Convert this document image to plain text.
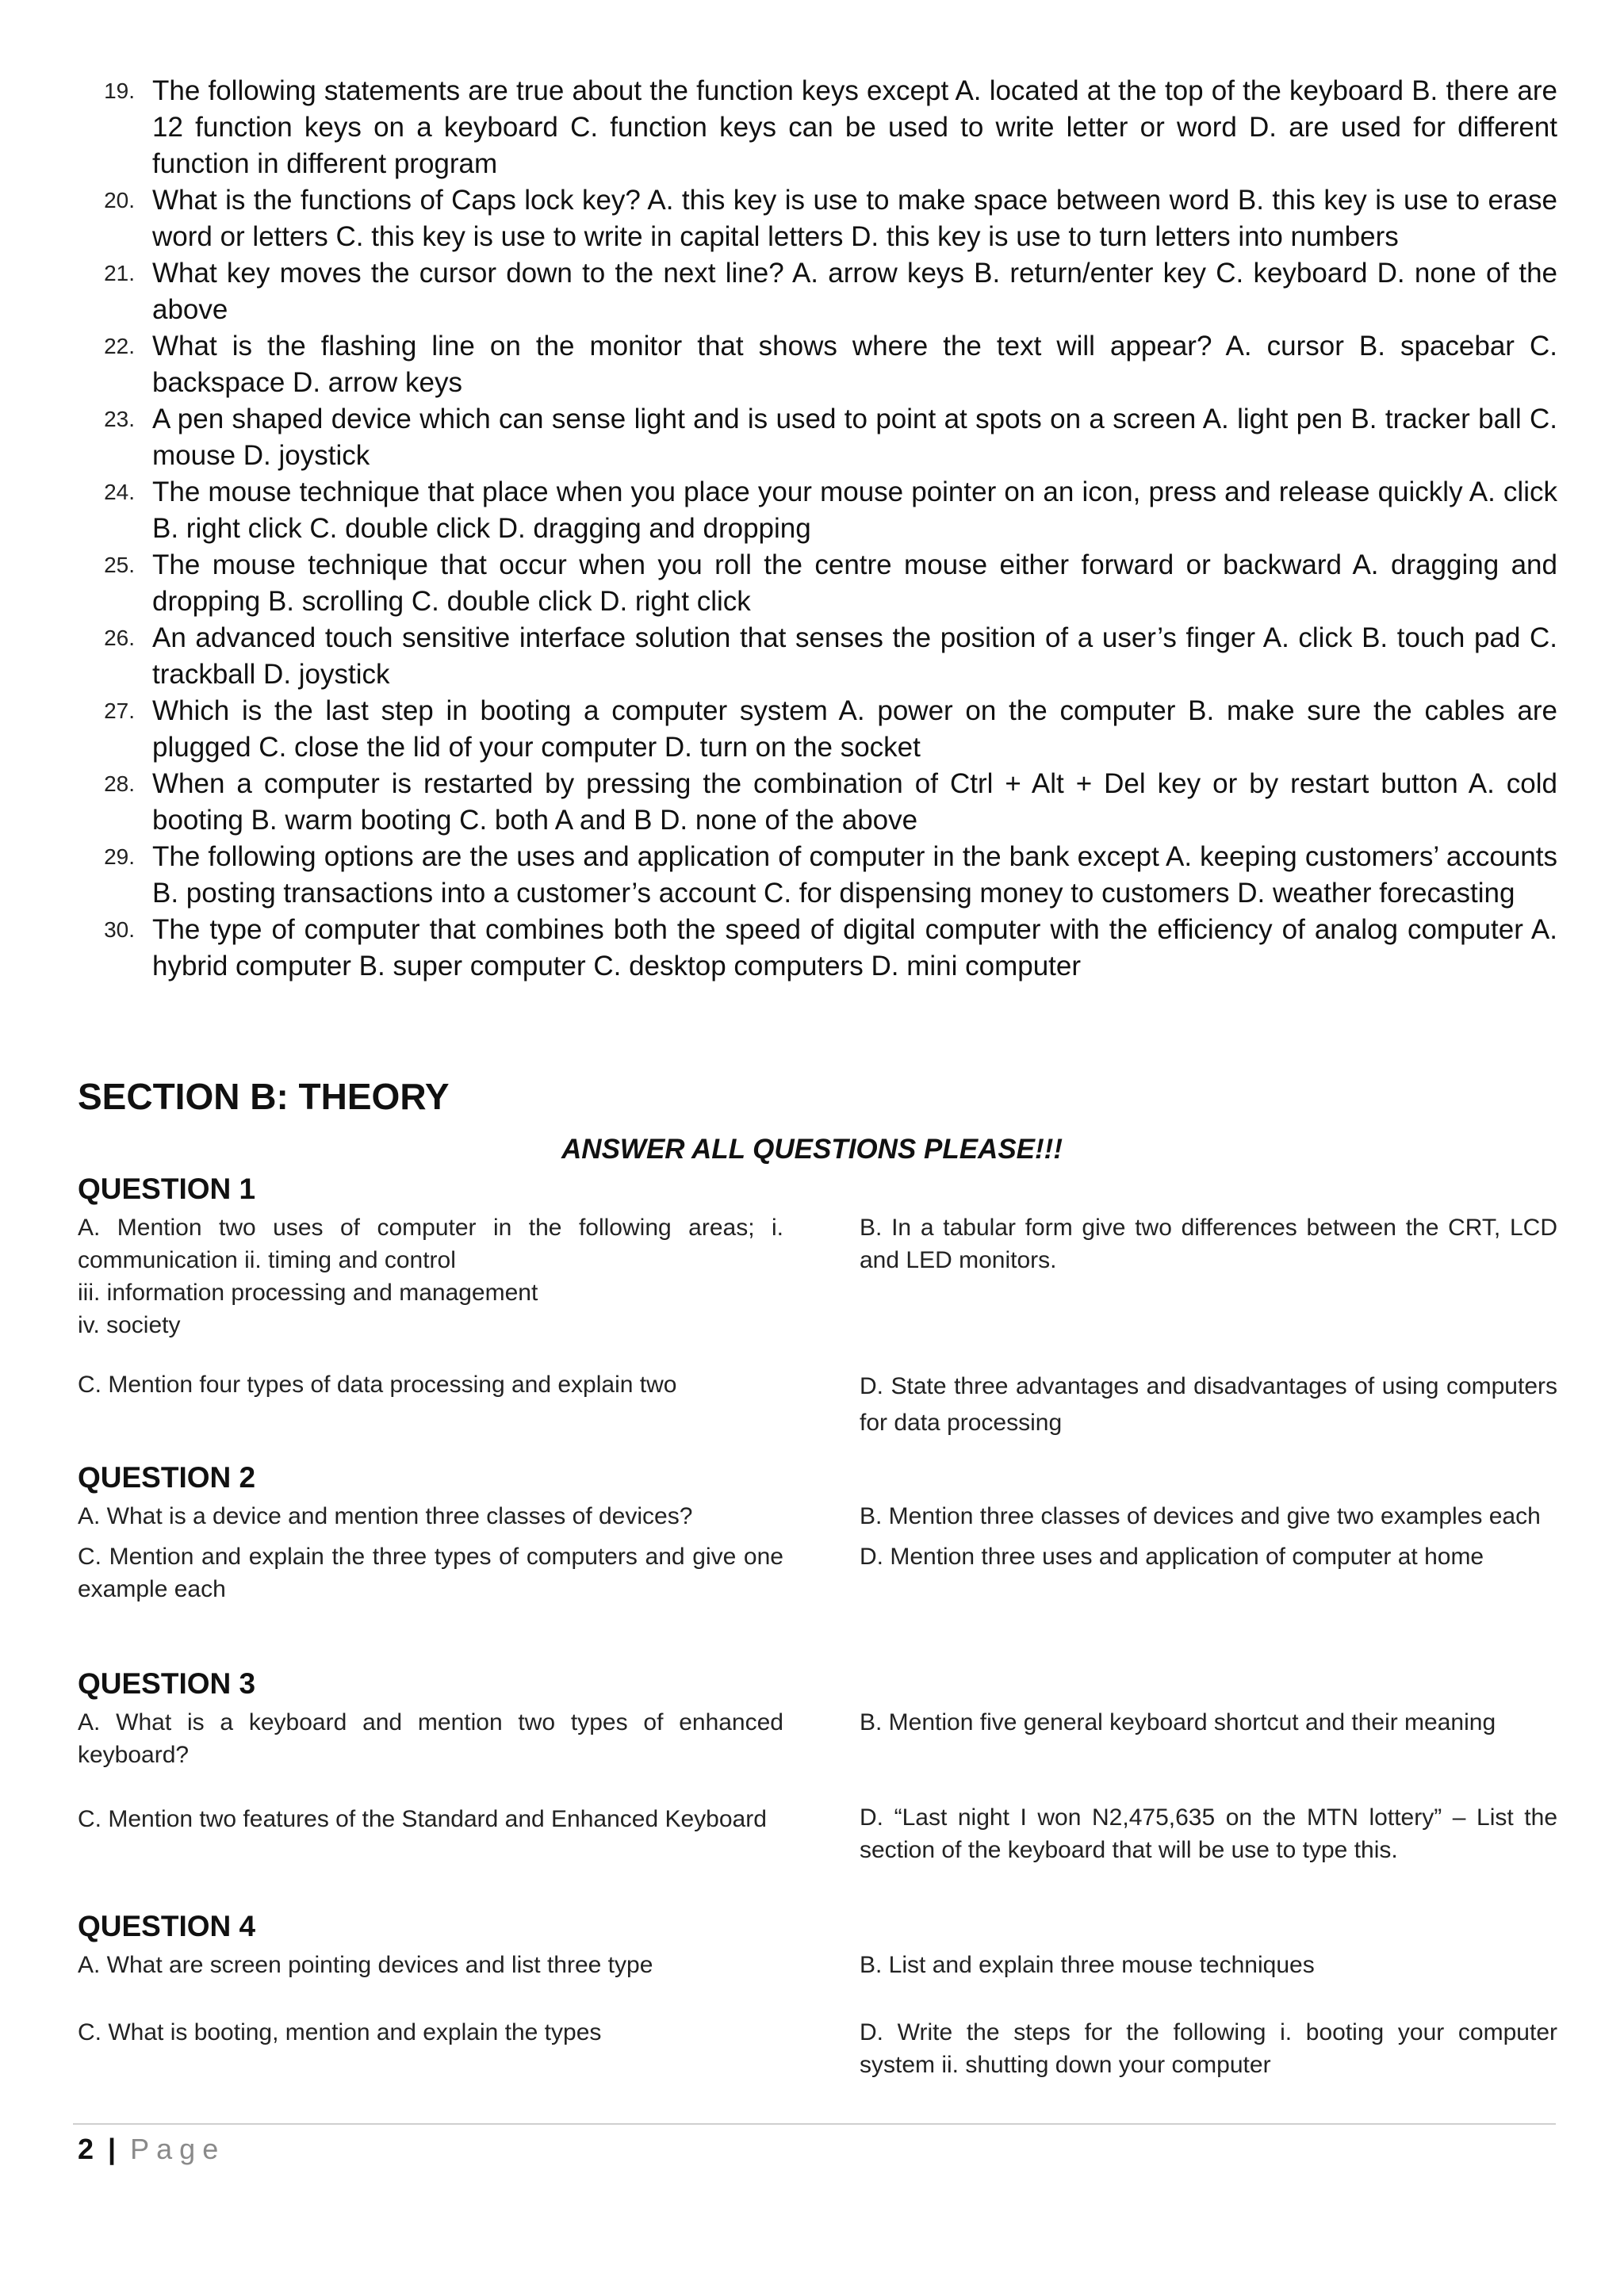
19. The following statements are true about the function keys except A. located at the top of the keyboard B. there are 12 function keys on a keyboard C. function keys can be used to write letter or word D. are used for different function in different program
20. What is the functions of Caps lock key? A. this key is use to make space between word B. this key is use to erase word or letters C. this key is use to write in capital letters D. this key is use to turn letters into numbers
21. What key moves the cursor down to the next line? A. arrow keys B. return/enter key C. keyboard D. none of the above
22. What is the flashing line on the monitor that shows where the text will appear? A. cursor B. spacebar C. backspace D. arrow keys
23. A pen shaped device which can sense light and is used to point at spots on a screen A. light pen B. tracker ball C. mouse D. joystick
24. The mouse technique that place when you place your mouse pointer on an icon, press and release quickly A. click B. right click C. double click D. dragging and dropping
25. The mouse technique that occur when you roll the centre mouse either forward or backward A. dragging and dropping B. scrolling C. double click D. right click
26. An advanced touch sensitive interface solution that senses the position of a user’s finger A. click B. touch pad C. trackball D. joystick
27. Which is the last step in booting a computer system A. power on the computer B. make sure the cables are plugged C. close the lid of your computer D. turn on the socket
28. When a computer is restarted by pressing the combination of Ctrl + Alt + Del key or by restart button A. cold booting B. warm booting C. both A and B D. none of the above
29. The following options are the uses and application of computer in the bank except A. keeping customers’ accounts B. posting transactions into a customer’s account C. for dispensing money to customers D. weather forecasting
30. The type of computer that combines both the speed of digital computer with the efficiency of analog computer A. hybrid computer B. super computer C. desktop computers D. mini computer
SECTION B: THEORY
ANSWER ALL QUESTIONS PLEASE!!!
QUESTION 1
A. Mention two uses of computer in the following areas; i. communication ii. timing and control
iii. information processing and management
iv. society
B. In a tabular form give two differences between the CRT, LCD and LED monitors.
C. Mention four types of data processing and explain two	D. State three advantages and disadvantages of using computers for data processing
QUESTION 2
A. What is a device and mention three classes of devices?	B. Mention three classes of devices and give two examples each
C. Mention and explain the three types of computers and give one example each
D. Mention three uses and application of computer at home
QUESTION 3
A. What is a keyboard and mention two types of enhanced keyboard?
B. Mention five general keyboard shortcut and their meaning
C. Mention two features of the Standard and Enhanced Keyboard	D. “Last night I won N2,475,635 on the MTN lottery” – List the section of the keyboard that will be use to type this.
QUESTION 4
A. What are screen pointing devices and list three type	B. List and explain three mouse techniques
C. What is booting, mention and explain the types	D. Write the steps for the following i. booting your computer system ii. shutting down your computer
2 | Page
